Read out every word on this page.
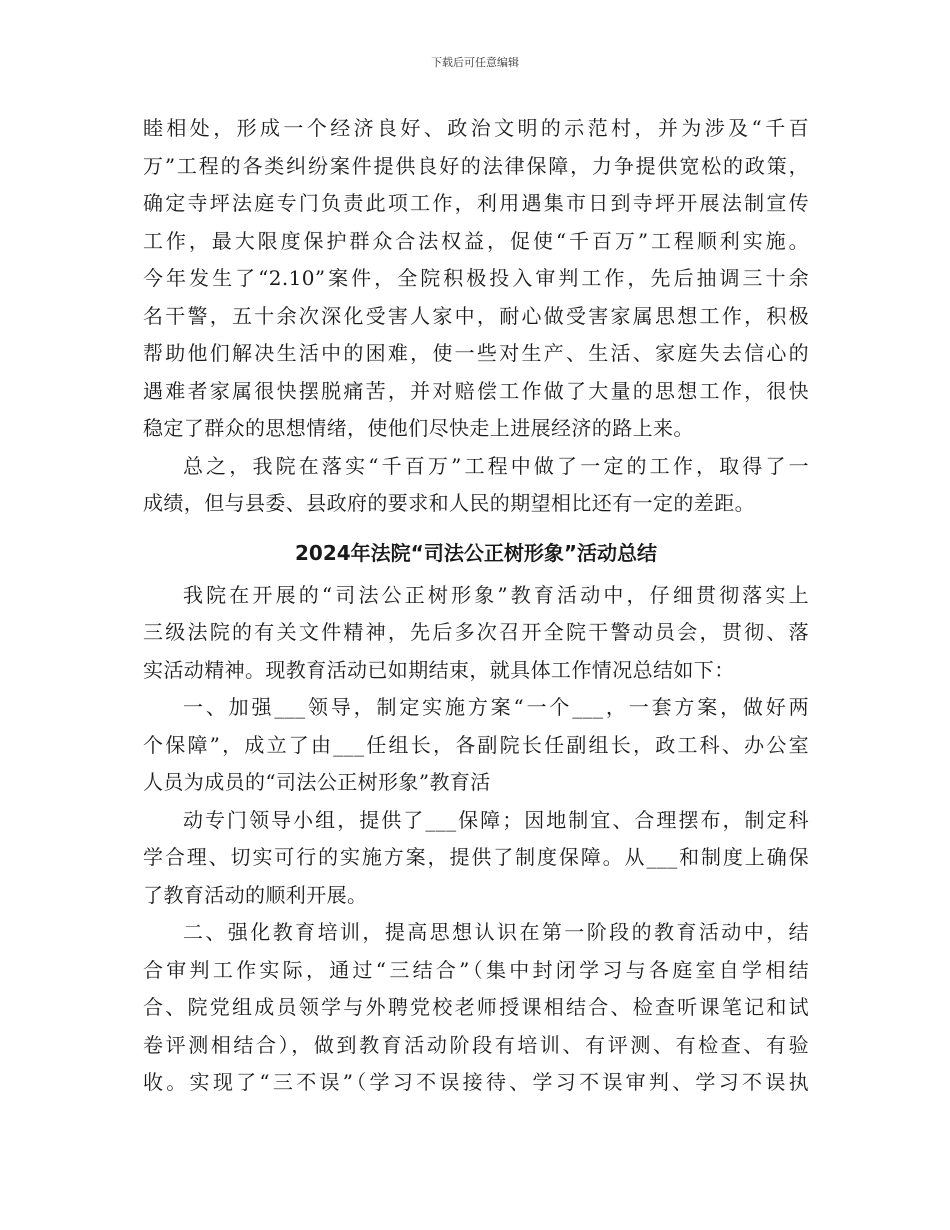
下载后可任意编辑

睦相处，形成一个经济良好、政治文明的示范村，并为涉及“千百
万”工程的各类纠纷案件提供良好的法律保障，力争提供宽松的政策，
确定寺坪法庭专门负责此项工作，利用遇集市日到寺坪开展法制宣传
工作，最大限度保护群众合法权益，促使“千百万”工程顺利实施。
今年发生了“2.10”案件，全院积极投入审判工作，先后抽调三十余
名干警，五十余次深化受害人家中，耐心做受害家属思想工作，积极
帮助他们解决生活中的困难，使一些对生产、生活、家庭失去信心的
遇难者家属很快摆脱痛苦，并对赔偿工作做了大量的思想工作，很快
稳定了群众的思想情绪，使他们尽快走上进展经济的路上来。

总之，我院在落实“千百万”工程中做了一定的工作，取得了一
成绩，但与县委、县政府的要求和人民的期望相比还有一定的差距。

2024年法院“司法公正树形象”活动总结

我院在开展的“司法公正树形象”教育活动中，仔细贯彻落实上
三级法院的有关文件精神，先后多次召开全院干警动员会，贯彻、落
实活动精神。现教育活动已如期结束，就具体工作情况总结如下：

一、加强___领导，制定实施方案“一个___，一套方案，做好两
个保障”，成立了由___任组长，各副院长任副组长，政工科、办公室
人员为成员的“司法公正树形象”教育活

动专门领导小组，提供了___保障；因地制宜、合理摆布，制定科
学合理、切实可行的实施方案，提供了制度保障。从___和制度上确保
了教育活动的顺利开展。

二、强化教育培训，提高思想认识在第一阶段的教育活动中，结
合审判工作实际，通过“三结合”（集中封闭学习与各庭室自学相结
合、院党组成员领学与外聘党校老师授课相结合、检查听课笔记和试
卷评测相结合），做到教育活动阶段有培训、有评测、有检查、有验
收。实现了“三不误”（学习不误接待、学习不误审判、学习不误执
